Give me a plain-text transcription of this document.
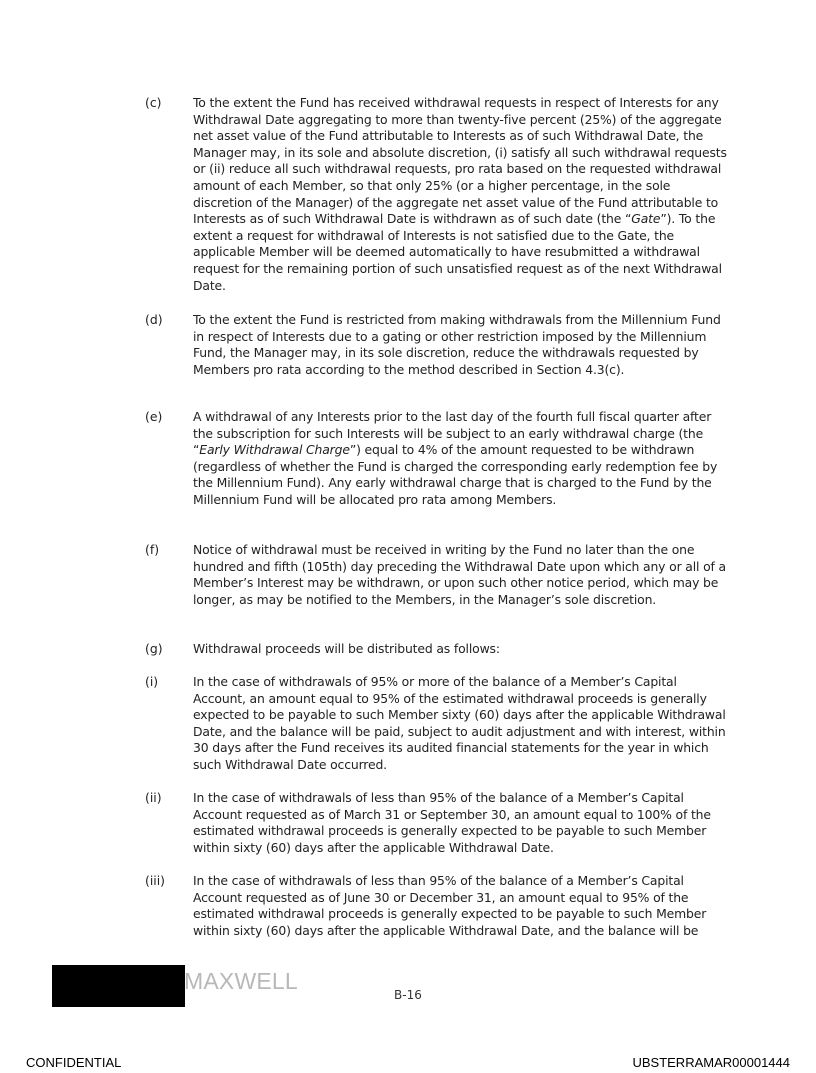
(c)	To the extent the Fund has received withdrawal requests in respect of Interests for any Withdrawal Date aggregating to more than twenty-five percent (25%) of the aggregate net asset value of the Fund attributable to Interests as of such Withdrawal Date, the Manager may, in its sole and absolute discretion, (i) satisfy all such withdrawal requests or (ii) reduce all such withdrawal requests, pro rata based on the requested withdrawal amount of each Member, so that only 25% (or a higher percentage, in the sole discretion of the Manager) of the aggregate net asset value of the Fund attributable to Interests as of such Withdrawal Date is withdrawn as of such date (the “Gate”). To the extent a request for withdrawal of Interests is not satisfied due to the Gate, the applicable Member will be deemed automatically to have resubmitted a withdrawal request for the remaining portion of such unsatisfied request as of the next Withdrawal Date.
(d) To the extent the Fund is restricted from making withdrawals from the Millennium Fund in respect of Interests due to a gating or other restriction imposed by the Millennium Fund, the Manager may, in its sole discretion, reduce the withdrawals requested by Members pro rata according to the method described in Section 4.3(c).
(e) A withdrawal of any Interests prior to the last day of the fourth full fiscal quarter after the subscription for such Interests will be subject to an early withdrawal charge (the “Early Withdrawal Charge”) equal to 4% of the amount requested to be withdrawn (regardless of whether the Fund is charged the corresponding early redemption fee by the Millennium Fund). Any early withdrawal charge that is charged to the Fund by the Millennium Fund will be allocated pro rata among Members.
(f)	Notice of withdrawal must be received in writing by the Fund no later than the one hundred and fifth (105th) day preceding the Withdrawal Date upon which any or all of a Member’s Interest may be withdrawn, or upon such other notice period, which may be longer, as may be notified to the Members, in the Manager’s sole discretion.
(g) Withdrawal proceeds will be distributed as follows:
(i)	In the case of withdrawals of 95% or more of the balance of a Member’s Capital Account, an amount equal to 95% of the estimated withdrawal proceeds is generally expected to be payable to such Member sixty (60) days after the applicable Withdrawal Date, and the balance will be paid, subject to audit adjustment and with interest, within 30 days after the Fund receives its audited financial statements for the year in which such Withdrawal Date occurred.
(ii)	In the case of withdrawals of less than 95% of the balance of a Member’s Capital Account requested as of March 31 or September 30, an amount equal to 100% of the estimated withdrawal proceeds is generally expected to be payable to such Member within sixty (60) days after the applicable Withdrawal Date.
(iii) In the case of withdrawals of less than 95% of the balance of a Member’s Capital Account requested as of June 30 or December 31, an amount equal to 95% of the estimated withdrawal proceeds is generally expected to be payable to such Member within sixty (60) days after the applicable Withdrawal Date, and the balance will be
MAXWELL
B-16
CONFIDENTIAL	UBSTERRAMAR00001444
